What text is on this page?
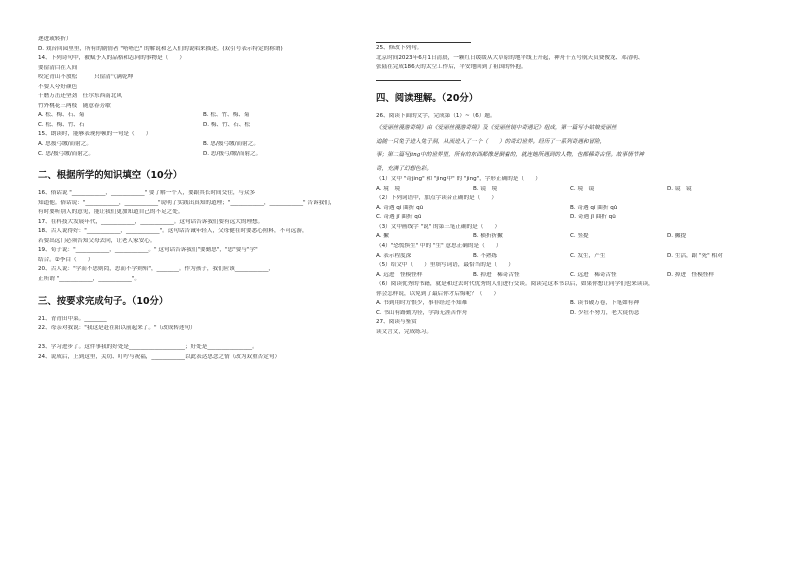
逐进或转折）
D. 戏台回园里里，所有的剧情者 "嗒嗒巴" 的解说和艺人们的说唱来描述。(双引号表示特定的称谓)
14、下列诗句中，被赋予人的品格和志向的事物是（　　）
要留清白在人间
咬定青山不放松　　　	只留清气满乾坤
不要人夸好颜色
千磨万击还坚劲　 任尔东西南北风
竹外桃花三两枝　 随意春芳歇
A. 松、梅、石、菊	B. 松、竹、梅、菊
C. 松、梅、竹、石	D. 梅、竹、石、松
15、朗读时，能够表现停顿的一句是（　　）
A. 思援弓缴/而射之。	B. 思/援弓缴/而射之。
C. 思/援弓缴/而射之。	D. 思/援弓/缴/而射之。
二、根据所学的知识填空（10分）
16、俗话说 "____________，____________" 要了解一个人，要跟其长时间交往，与众多
知道他。俗话说："____________，____________"说明了实践出真知的道理；"____________，____________" 告诉我们，
有时要听别人的意见，能让我们更加知道自己的不足之处。
17、在科技大发展年代，____________，____________。这句话告诉我们要有远大的理想。
18、古人说得好："____________，____________"。这句话告诫年轻人，父母健在时要悉心照料，不可远游，
若要出远门必须告知父母去向，让老人家安心。
19、荀子说："____________，____________。" 这句话告诉我们"要勤思"，"思"要与"学"
结合。②李白（　　）
20、古人说："学而不思则罔，思而不学则殆"，________。作为孩子，我们应该____________，
正所谓 "____________，____________"。
三、按要求完成句子。（10分）
21、青青田中菜。________
22、母亲对我说："我这是赶在阳以前起来了。"（改成转述句）
23、学习进步了。这件事我的好处是____________________；好处是________________。
24、说成后，上到这里，关切、叮咛与祝福，____________以此表达思念之情（改为双重否定句）
25、修改下列句。
北京时间2023年6月1日清晨，一颗红日缓缓从大草原的地平线上升起，神舟十五号航天员费俊龙、邓清明、
张陆在完成186天的太空工作后，平安地回到了祖国的怀抱。
四、阅读理解。（20分）
26、阅读下面的文字，完成第（1）~（6）题。
《爱丽丝漫游奇境》由《爱丽丝漫游奇境》及《爱丽丝镜中奇遇记》组成，第一篇写小姑娘爱丽丝
追随一只兔子进入兔子洞，从而进入了一个（　　）的奇幻世界。经历了一系列奇遇和冒险，
事；第二篇写jing中的世界里，所有的东西都像是倒着的，就连她所遇到的人物，也都稀奇古怪。故事情节神
奇，充满了幻想色彩。
（1）文中 "奇jing" 和 "jing中" 的 "jing"，字形正确的是（　　）
A. 境　境	B. 镜　境	C. 境　镜	D. 镜　镜
（2）下列词语中，加点字读音正确的是（　　）
A. 奇遇 qí 曲折 qū	B. 奇遇 qí 曲折 qǔ
C. 奇遇 jī 曲折 qū	D. 奇遇 jī 曲折 qǔ
（3）文中画线字 "说" 的第三笔正确的是（　　）
A. 撇	B. 横折折撇	C. 竖提	D. 撇提
（4）"恐慌惧生" 中的 "生" 意思正确的是（　　）
A. 表示程度深	B. 不熟练	C. 发生，产生	D. 生活，跟 "死" 相对
（5）给文中（　　）里填写词语，最恰当的是（　　）
A. 远进　怪模怪样	B. 掉进　稀奇古怪	C. 远进　稀奇古怪	D. 掉进　怪模怪样
（6）阅读优秀的书籍，就是和过去时代优秀的人们进行交谈。阅读完这本书以后，如果你想让同学们也来读读，
你会怎样说，以免到了最后你才后悔呢？（　　）
A. 书到用时方恨少，事非经过不知难	B. 读书破万卷，下笔如有神
C. 书山有路勤为径，学海无涯苦作舟	D. 少壮不努力，老大徒伤悲
27、阅读与鉴赏
读文言文，完成练习。
